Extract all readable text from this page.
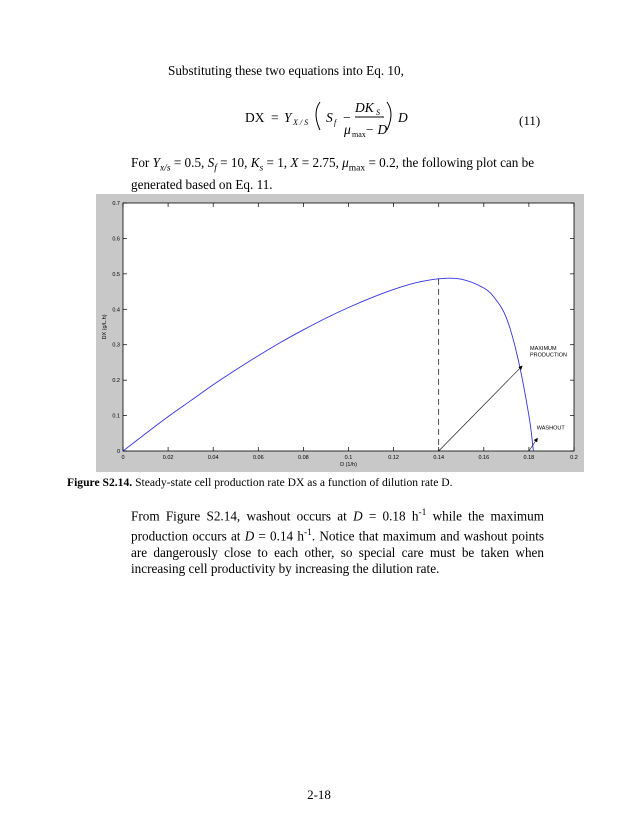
Substituting these two equations into Eq. 10,

DX = Y X / S S f −
DK S
μ max − D
D	(11)
For $Y_{x/s} = 0.5$, $S_f = 10$, $K_s = 1$, X = 2.75, $\mu_{max} = 0.2$, the following plot can be
generated based on Eq. 11.
0	0.02	0.04	0.06	0.08	0.1	0.12	0.14	0.16	0.18	0.2
0
0.1
0.2
0.3
0.4
0.5
0.6
0.7
D (1/h)
DX (g/L.h)
MAXIMUM PRODUCTION
WASHOUT
Figure S2.14. Steady-state cell production rate DX as a function of dilution rate D.
From Figure S2.14, washout occurs at D = 0.18 $h^{-1}$ while the maximum production occurs at D = 0.14 $h^{-1}$. Notice that maximum and washout points are dangerously close to each other, so special care must be taken when increasing cell productivity by increasing the dilution rate.
2-18
